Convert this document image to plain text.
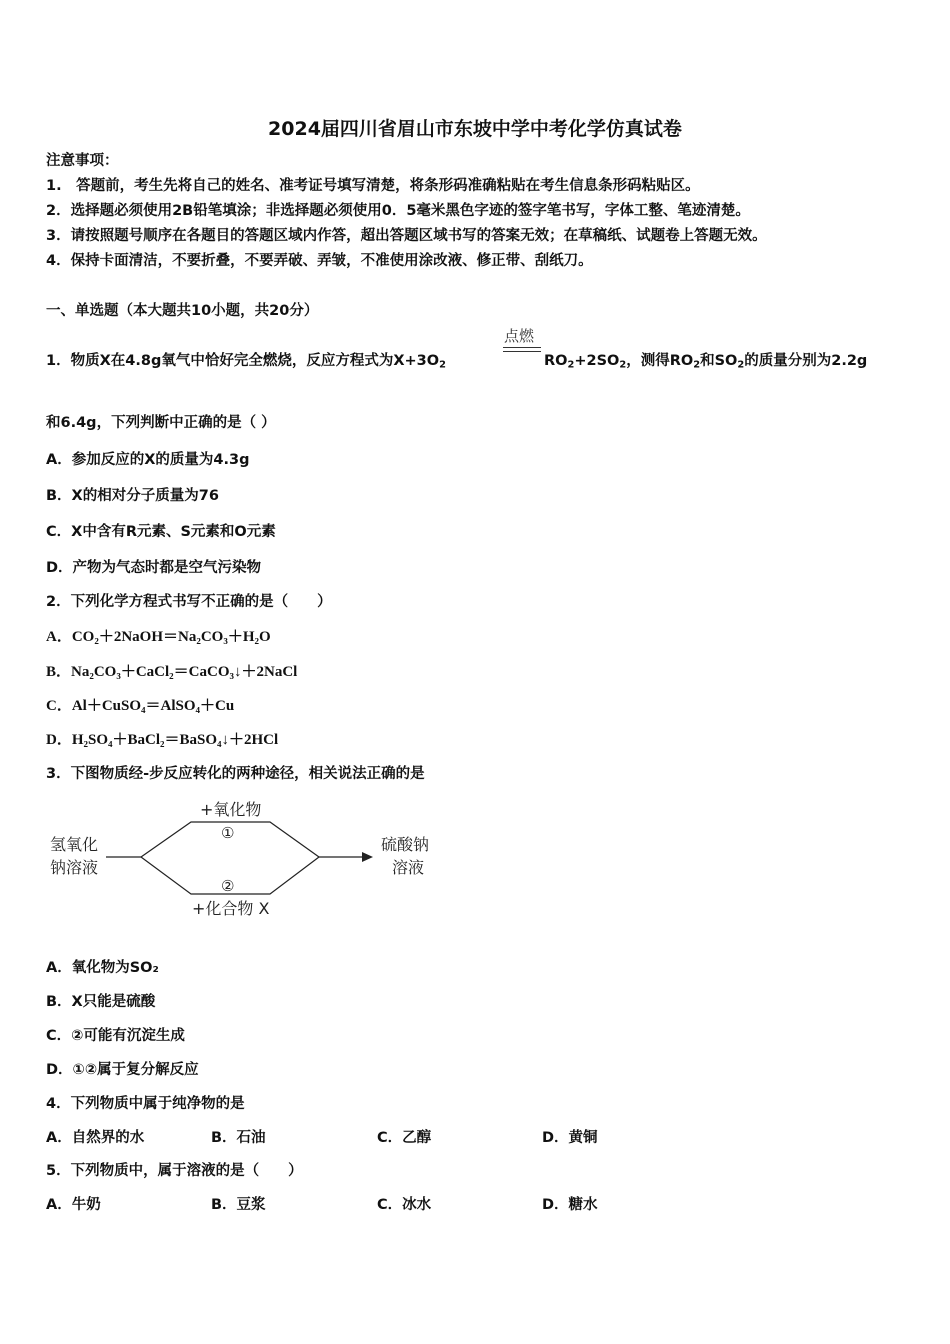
2024届四川省眉山市东坡中学中考化学仿真试卷
注意事项：
1.　答题前，考生先将自己的姓名、准考证号填写清楚，将条形码准确粘贴在考生信息条形码粘贴区。
2．选择题必须使用2B铅笔填涂；非选择题必须使用0．5毫米黑色字迹的签字笔书写，字体工整、笔迹清楚。
3．请按照题号顺序在各题目的答题区域内作答，超出答题区域书写的答案无效；在草稿纸、试题卷上答题无效。
4．保持卡面清洁，不要折叠，不要弄破、弄皱，不准使用涂改液、修正带、刮纸刀。
一、单选题（本大题共10小题，共20分）
1．物质X在4.8g氧气中恰好完全燃烧，反应方程式为$X+3O_2$
点燃
$RO_2+2SO_2$，测得$RO_2$和$SO_2$的质量分别为2.2g
和6.4g，下列判断中正确的是（ ）
A．参加反应的X的质量为4.3g
B．X的相对分子质量为76
C．X中含有R元素、S元素和O元素
D．产物为气态时都是空气污染物
2．下列化学方程式书写不正确的是（　　）
A．CO₂＋2NaOH＝Na₂CO₃＋H₂O
B．Na₂CO₃＋CaCl₂＝CaCO₃↓＋2NaCl
C．Al＋CuSO₄＝AlSO₄＋Cu
D．H₂SO₄＋BaCl₂＝BaSO₄↓＋2HCl
3．下图物质经-步反应转化的两种途径，相关说法正确的是
氢氧化
钠溶液
硫酸钠
溶液
+氧化物
①
②
+化合物 X
A．氧化物为SO₂
B．X只能是硫酸
C．②可能有沉淀生成
D．①②属于复分解反应
4．下列物质中属于纯净物的是
A．自然界的水	B．石油	C．乙醇	D．黄铜
5．下列物质中，属于溶液的是（　　）
A．牛奶	B．豆浆	C．冰水	D．糖水
